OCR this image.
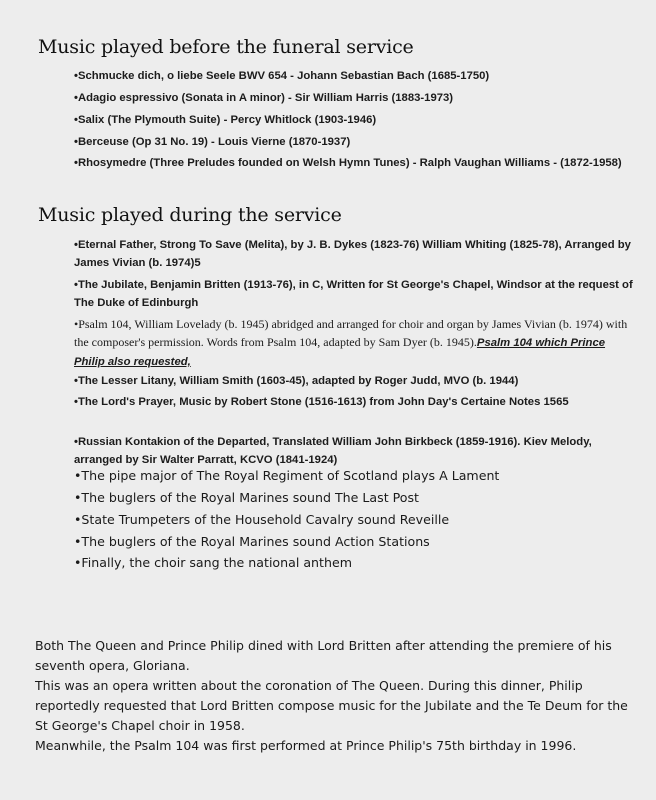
Music played before the funeral service
•Schmucke dich, o liebe Seele BWV 654 - Johann Sebastian Bach (1685-1750)
•Adagio espressivo (Sonata in A minor) - Sir William Harris (1883-1973)
•Salix (The Plymouth Suite) - Percy Whitlock (1903-1946)
•Berceuse (Op 31 No. 19) - Louis Vierne (1870-1937)
•Rhosymedre (Three Preludes founded on Welsh Hymn Tunes) - Ralph Vaughan Williams - (1872-1958)
Music played during the service
•Eternal Father, Strong To Save (Melita), by J. B. Dykes (1823-76) William Whiting (1825-78), Arranged by James Vivian (b. 1974)5
•The Jubilate, Benjamin Britten (1913-76), in C, Written for St George's Chapel, Windsor at the request of The Duke of Edinburgh
•Psalm 104, William Lovelady (b. 1945) abridged and arranged for choir and organ by James Vivian (b. 1974) with the composer's permission. Words from Psalm 104, adapted by Sam Dyer (b. 1945).Psalm 104 which Prince Philip also requested,
•The Lesser Litany, William Smith (1603-45), adapted by Roger Judd, MVO (b. 1944)
•The Lord's Prayer, Music by Robert Stone (1516-1613) from John Day's Certaine Notes 1565
•Russian Kontakion of the Departed, Translated William John Birkbeck (1859-1916). Kiev Melody, arranged by Sir Walter Parratt, KCVO (1841-1924)
•The pipe major of The Royal Regiment of Scotland plays A Lament
•The buglers of the Royal Marines sound The Last Post
•State Trumpeters of the Household Cavalry sound Reveille
•The buglers of the Royal Marines sound Action Stations
•Finally, the choir sang the national anthem

Both The Queen and Prince Philip dined with Lord Britten after attending the premiere of his seventh opera, Gloriana.

This was an opera written about the coronation of The Queen. During this dinner, Philip reportedly requested that Lord Britten compose music for the Jubilate and the Te Deum for the St George's Chapel choir in 1958.

Meanwhile, the Psalm 104 was first performed at Prince Philip's 75th birthday in 1996.
